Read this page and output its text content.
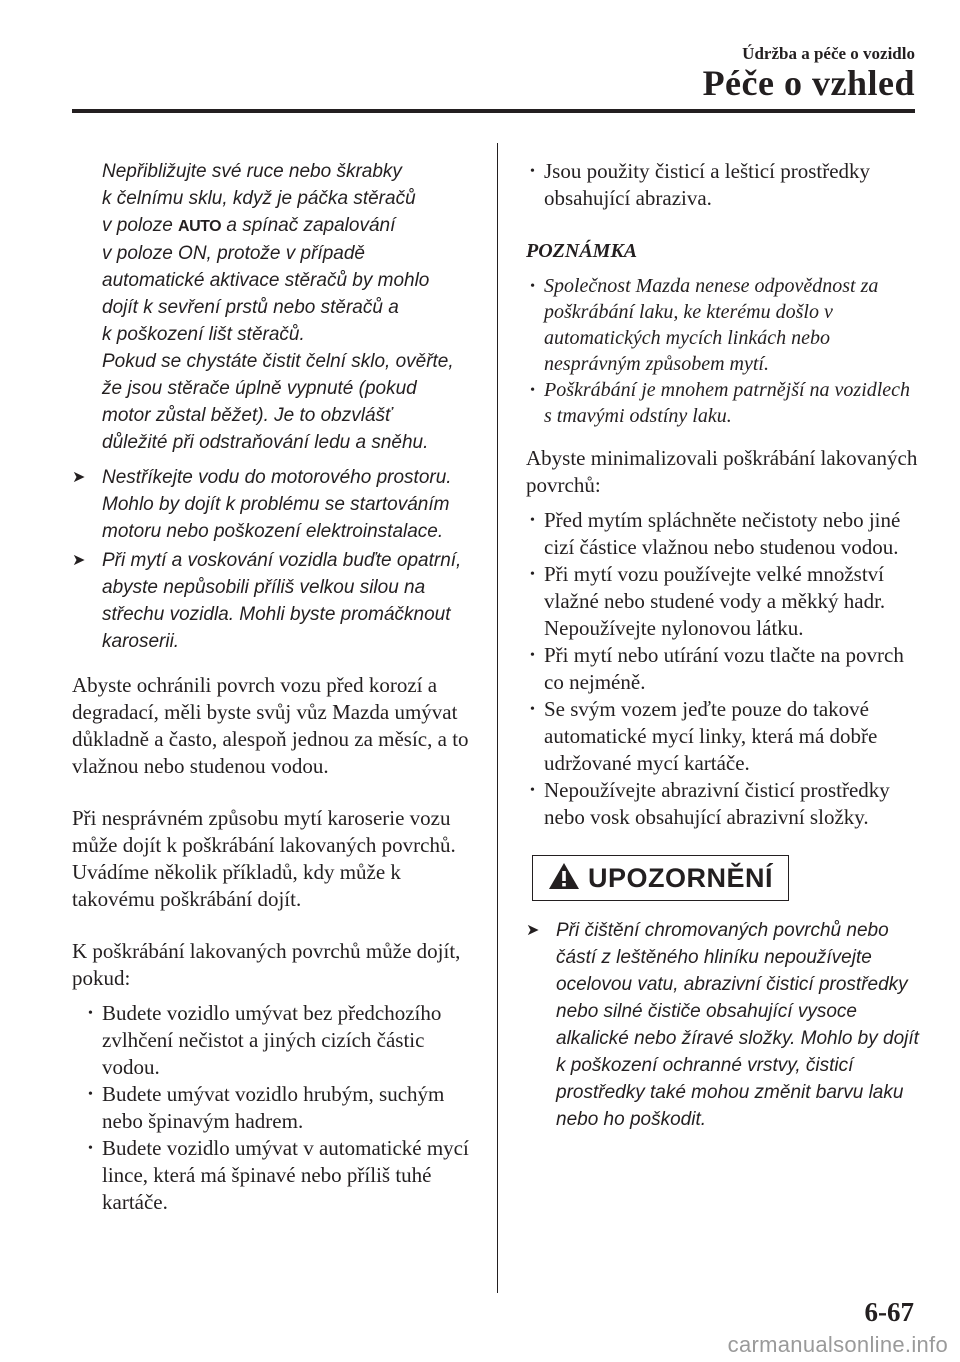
Údržba a péče o vozidlo
Péče o vzhled
Nepřibližujte své ruce nebo škrabky
k čelnímu sklu, když je páčka stěračů
v poloze AUTO a spínač zapalování
v poloze ON, protože v případě
automatické aktivace stěračů by mohlo
dojít k sevření prstů nebo stěračů a
k poškození lišt stěračů.
Pokud se chystáte čistit čelní sklo, ověřte,
že jsou stěrače úplně vypnuté (pokud
motor zůstal běžet). Je to obzvlášť
důležité při odstraňování ledu a sněhu.
➤ Nestříkejte vodu do motorového prostoru. Mohlo by dojít k problému se startováním motoru nebo poškození elektroinstalace.
➤ Při mytí a voskování vozidla buďte opatrní, abyste nepůsobili příliš velkou silou na střechu vozidla. Mohli byste promáčknout karoserii.
Abyste ochránili povrch vozu před korozí a degradací, měli byste svůj vůz Mazda umývat důkladně a často, alespoň jednou za měsíc, a to vlažnou nebo studenou vodou.
Při nesprávném způsobu mytí karoserie vozu může dojít k poškrábání lakovaných povrchů. Uvádíme několik příkladů, kdy může k takovému poškrábání dojít.
K poškrábání lakovaných povrchů může dojít, pokud:
• Budete vozidlo umývat bez předchozího zvlhčení nečistot a jiných cizích částic vodou.
• Budete umývat vozidlo hrubým, suchým nebo špinavým hadrem.
• Budete vozidlo umývat v automatické mycí lince, která má špinavé nebo příliš tuhé kartáče.
• Jsou použity čisticí a lešticí prostředky obsahující abraziva.
POZNÁMKA
• Společnost Mazda nenese odpovědnost za poškrábání laku, ke kterému došlo v automatických mycích linkách nebo nesprávným způsobem mytí.
• Poškrábání je mnohem patrnější na vozidlech s tmavými odstíny laku.
Abyste minimalizovali poškrábání lakovaných povrchů:
• Před mytím spláchněte nečistoty nebo jiné cizí částice vlažnou nebo studenou vodou.
• Při mytí vozu používejte velké množství vlažné nebo studené vody a měkký hadr. Nepoužívejte nylonovou látku.
• Při mytí nebo utírání vozu tlačte na povrch co nejméně.
• Se svým vozem jeďte pouze do takové automatické mycí linky, která má dobře udržované mycí kartáče.
• Nepoužívejte abrazivní čisticí prostředky nebo vosk obsahující abrazivní složky.
UPOZORNĚNÍ
➤ Při čištění chromovaných povrchů nebo částí z leštěného hliníku nepoužívejte ocelovou vatu, abrazivní čisticí prostředky nebo silné čističe obsahující vysoce alkalické nebo žíravé složky. Mohlo by dojít k poškození ochranné vrstvy, čisticí prostředky také mohou změnit barvu laku nebo ho poškodit.
6-67
carmanualsonline.info
